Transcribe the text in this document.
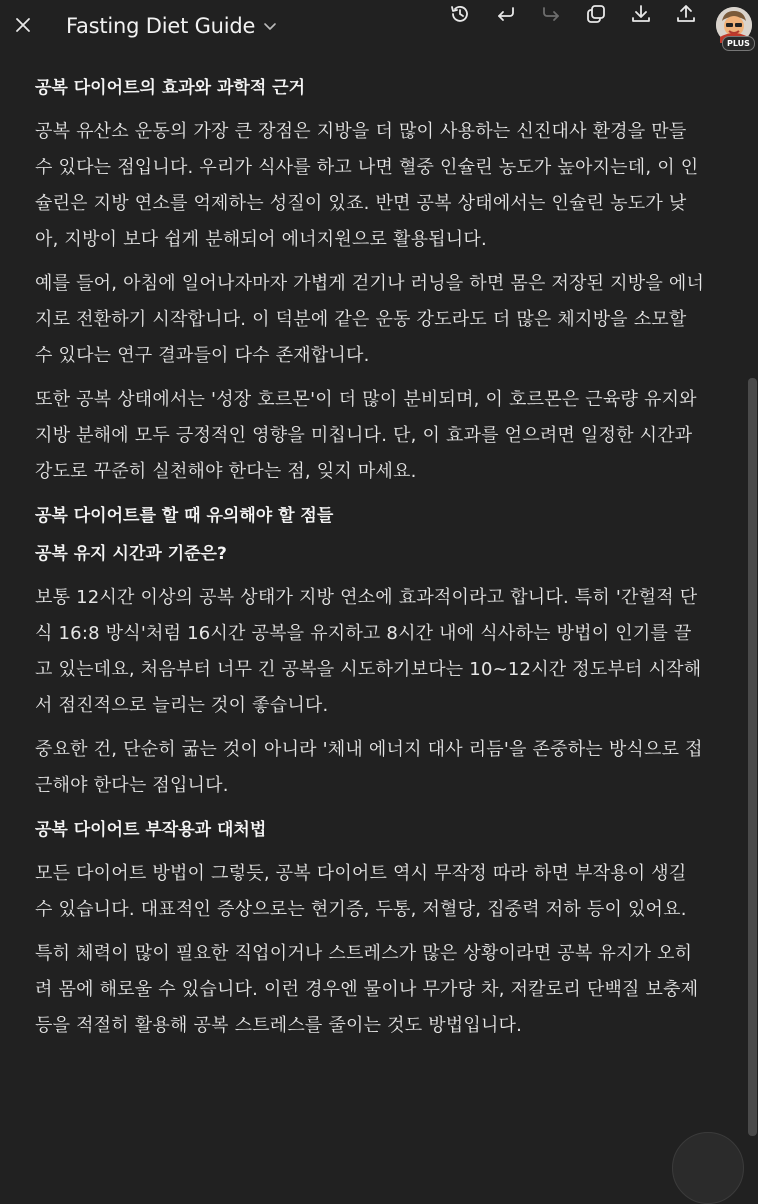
Fasting Diet Guide
PLUS
공복 다이어트의 효과와 과학적 근거

공복 유산소 운동의 가장 큰 장점은 지방을 더 많이 사용하는 신진대사 환경을 만들 수 있다는 점입니다. 우리가 식사를 하고 나면 혈중 인슐린 농도가 높아지는데, 이 인슐린은 지방 연소를 억제하는 성질이 있죠. 반면 공복 상태에서는 인슐린 농도가 낮아, 지방이 보다 쉽게 분해되어 에너지원으로 활용됩니다.

예를 들어, 아침에 일어나자마자 가볍게 걷기나 러닝을 하면 몸은 저장된 지방을 에너지로 전환하기 시작합니다. 이 덕분에 같은 운동 강도라도 더 많은 체지방을 소모할 수 있다는 연구 결과들이 다수 존재합니다.

또한 공복 상태에서는 '성장 호르몬'이 더 많이 분비되며, 이 호르몬은 근육량 유지와 지방 분해에 모두 긍정적인 영향을 미칩니다. 단, 이 효과를 얻으려면 일정한 시간과 강도로 꾸준히 실천해야 한다는 점, 잊지 마세요.

공복 다이어트를 할 때 유의해야 할 점들
공복 유지 시간과 기준은?

보통 12시간 이상의 공복 상태가 지방 연소에 효과적이라고 합니다. 특히 '간헐적 단식 16:8 방식'처럼 16시간 공복을 유지하고 8시간 내에 식사하는 방법이 인기를 끌고 있는데요, 처음부터 너무 긴 공복을 시도하기보다는 10~12시간 정도부터 시작해서 점진적으로 늘리는 것이 좋습니다.

중요한 건, 단순히 굶는 것이 아니라 '체내 에너지 대사 리듬'을 존중하는 방식으로 접근해야 한다는 점입니다.

공복 다이어트 부작용과 대처법

모든 다이어트 방법이 그렇듯, 공복 다이어트 역시 무작정 따라 하면 부작용이 생길 수 있습니다. 대표적인 증상으로는 현기증, 두통, 저혈당, 집중력 저하 등이 있어요.

특히 체력이 많이 필요한 직업이거나 스트레스가 많은 상황이라면 공복 유지가 오히려 몸에 해로울 수 있습니다. 이런 경우엔 물이나 무가당 차, 저칼로리 단백질 보충제 등을 적절히 활용해 공복 스트레스를 줄이는 것도 방법입니다.
